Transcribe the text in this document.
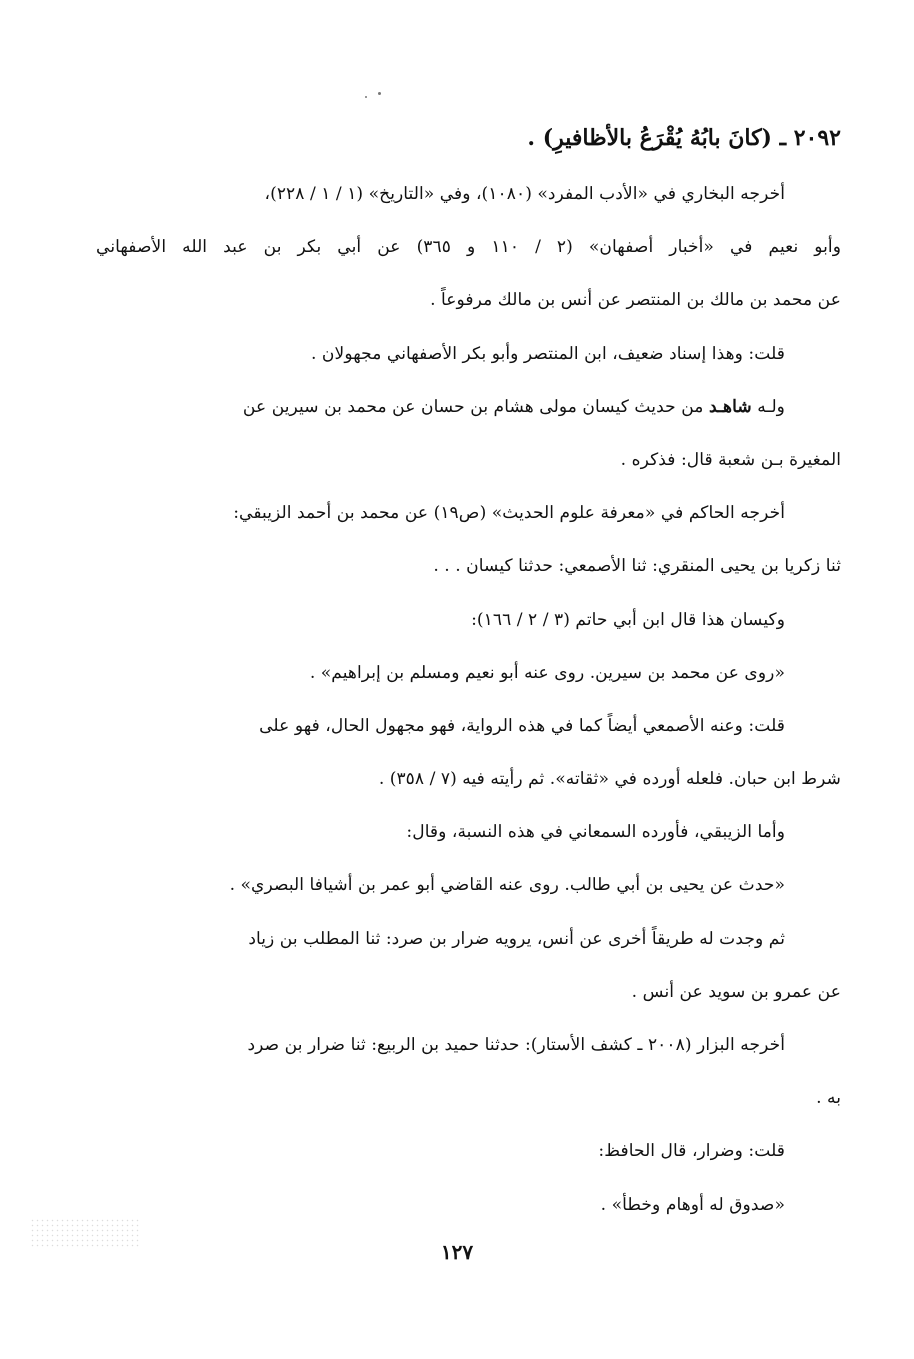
٢٠٩٢ ـ (كانَ بابُهُ يُقْرَعُ بالأظافيرِ) .
أخرجه البخاري في «الأدب المفرد» (١٠٨٠)، وفي «التاريخ» (١ / ١ / ٢٢٨)،
وأبو نعيم في «أخبار أصفهان» (٢ / ١١٠ و ٣٦٥) عن أبي بكر بن عبد الله الأصفهاني
عن محمد بن مالك بن المنتصر عن أنس بن مالك مرفوعاً .
قلت: وهذا إسناد ضعيف، ابن المنتصر وأبو بكر الأصفهاني مجهولان .
ولـه شاهـد من حديث كيسان مولى هشام بن حسان عن محمد بن سيرين عن
المغيرة بـن شعبة قال: فذكره .
أخرجه الحاكم في «معرفة علوم الحديث» (ص١٩) عن محمد بن أحمد الزيبقي:
ثنا زكريا بن يحيى المنقري: ثنا الأصمعي: حدثنا كيسان . . .
وكيسان هذا قال ابن أبي حاتم (٣ / ٢ / ١٦٦):
«روى عن محمد بن سيرين. روى عنه أبو نعيم ومسلم بن إبراهيم» .
قلت: وعنه الأصمعي أيضاً كما في هذه الرواية، فهو مجهول الحال، فهو على
شرط ابن حبان. فلعله أورده في «ثقاته». ثم رأيته فيه (٧ / ٣٥٨) .
وأما الزيبقي، فأورده السمعاني في هذه النسبة، وقال:
«حدث عن يحيى بن أبي طالب. روى عنه القاضي أبو عمر بن أشيافا البصري» .
ثم وجدت له طريقاً أخرى عن أنس، يرويه ضرار بن صرد: ثنا المطلب بن زياد
عن عمرو بن سويد عن أنس .
أخرجه البزار (٢٠٠٨ ـ كشف الأستار): حدثنا حميد بن الربيع: ثنا ضرار بن صرد
به .
قلت: وضرار، قال الحافظ:
«صدوق له أوهام وخطأ» .
١٢٧
